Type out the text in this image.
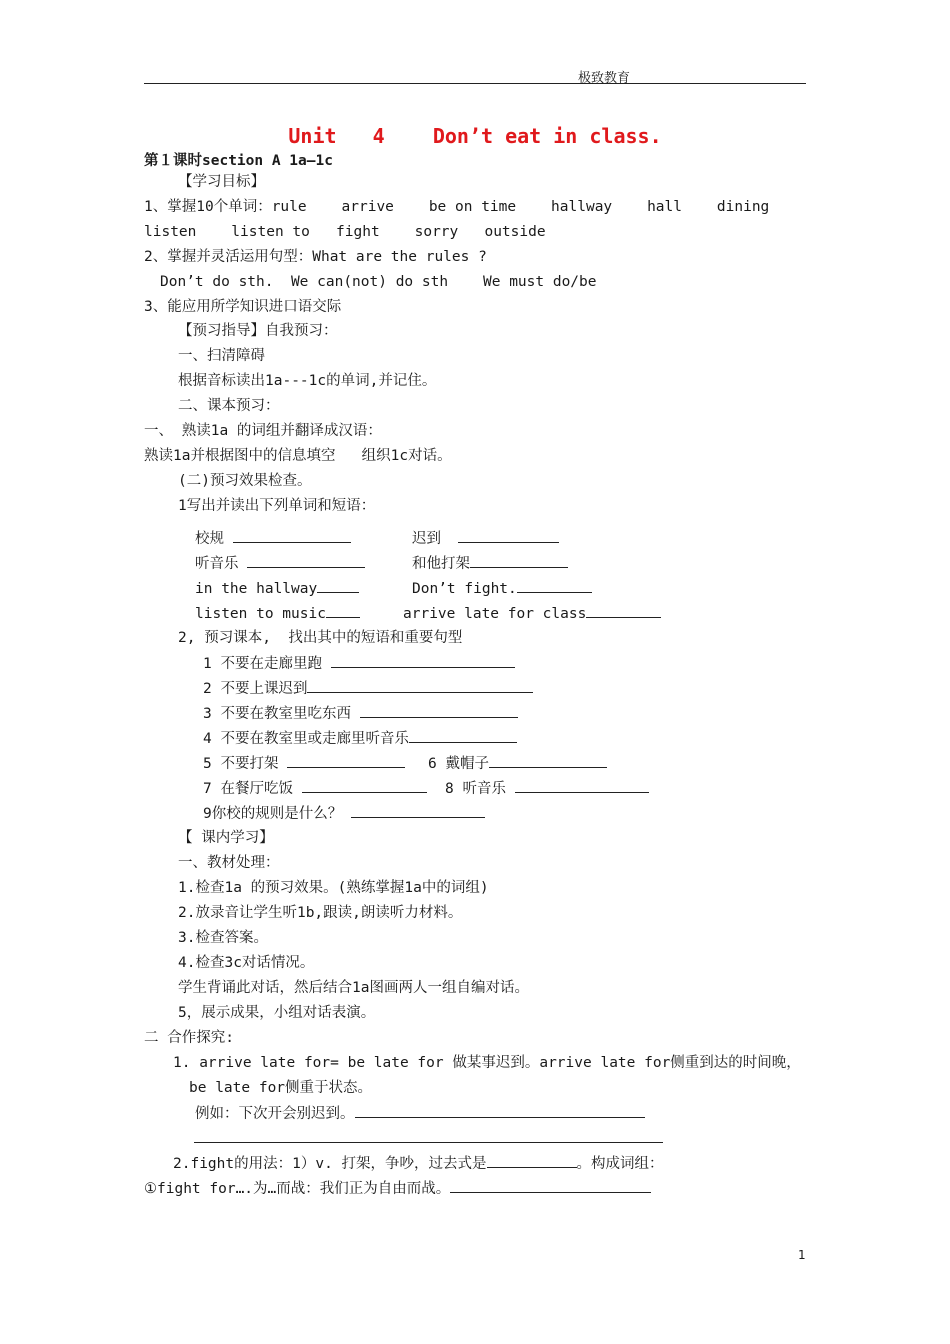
极致教育
Unit   4    Don’t eat in class.
第１课时section A 1a—1c
【学习目标】
1、掌握10个单词：rule    arrive    be on time    hallway    hall    dining
listen    listen to   fight    sorry   outside
2、掌握并灵活运用句型：What are the rules ?
Don’t do sth.  We can(not) do sth    We must do/be
3、能应用所学知识进口语交际
【预习指导】自我预习：
一、扫清障碍
根据音标读出1a---1c的单词,并记住。
二、课本预习：
一、 熟读1a 的词组并翻译成汉语：
熟读1a并根据图中的信息填空   组织1c对话。
(二)预习效果检查。
1写出并读出下列单词和短语：
校规	迟到
听音乐	和他打架
in the hallway	Don’t fight.
listen to music	arrive late for class
2, 预习课本,  找出其中的短语和重要句型
1 不要在走廊里跑
2 不要上课迟到
3 不要在教室里吃东西
4 不要在教室里或走廊里听音乐
5 不要打架	6 戴帽子
7 在餐厅吃饭	8 听音乐
9你校的规则是什么？
【 课内学习】
一、教材处理：
1.检查1a 的预习效果。(熟练掌握1a中的词组)
2.放录音让学生听1b,跟读,朗读听力材料。
3.检查答案。
4.检查3c对话情况。
学生背诵此对话，然后结合1a图画两人一组自编对话。
5，展示成果，小组对话表演。
二 合作探究:
1. arrive late for= be late for 做某事迟到。arrive late for侧重到达的时间晚，
be late for侧重于状态。
例如：下次开会别迟到。
2.fight的用法：1）v. 打架，争吵，过去式是	。构成词组：
①fight for….为…而战：我们正为自由而战。
1
